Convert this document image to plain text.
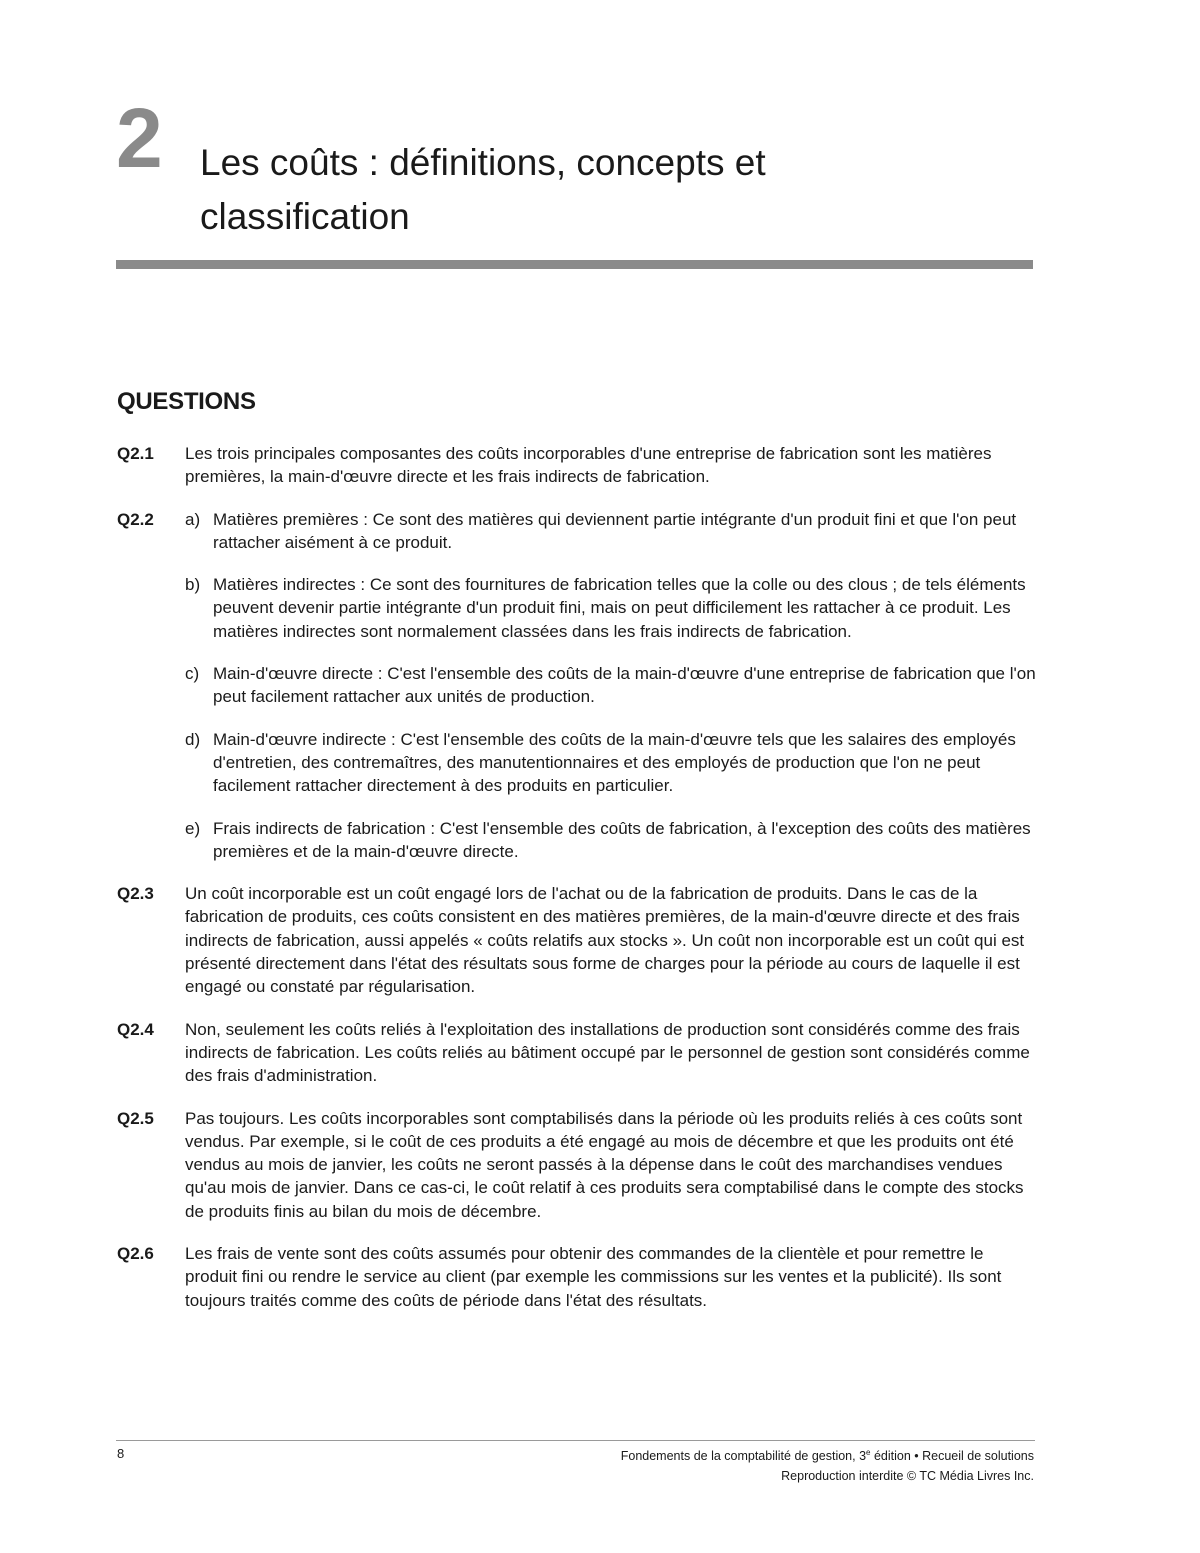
2 Les coûts : définitions, concepts et classification
QUESTIONS
Q2.1 Les trois principales composantes des coûts incorporables d'une entreprise de fabrication sont les matières premières, la main-d'œuvre directe et les frais indirects de fabrication.

Q2.2 a) Matières premières : Ce sont des matières qui deviennent partie intégrante d'un produit fini et que l'on peut rattacher aisément à ce produit.
b) Matières indirectes : Ce sont des fournitures de fabrication telles que la colle ou des clous ; de tels éléments peuvent devenir partie intégrante d'un produit fini, mais on peut difficilement les rattacher à ce produit. Les matières indirectes sont normalement classées dans les frais indirects de fabrication.
c) Main-d'œuvre directe : C'est l'ensemble des coûts de la main-d'œuvre d'une entreprise de fabrication que l'on peut facilement rattacher aux unités de production.
d) Main-d'œuvre indirecte : C'est l'ensemble des coûts de la main-d'œuvre tels que les salaires des employés d'entretien, des contremaîtres, des manutentionnaires et des employés de production que l'on ne peut facilement rattacher directement à des produits en particulier.
e) Frais indirects de fabrication : C'est l'ensemble des coûts de fabrication, à l'exception des coûts des matières premières et de la main-d'œuvre directe.
Q2.3 Un coût incorporable est un coût engagé lors de l'achat ou de la fabrication de produits. Dans le cas de la fabrication de produits, ces coûts consistent en des matières premières, de la main-d'œuvre directe et des frais indirects de fabrication, aussi appelés « coûts relatifs aux stocks ». Un coût non incorporable est un coût qui est présenté directement dans l'état des résultats sous forme de charges pour la période au cours de laquelle il est engagé ou constaté par régularisation.

Q2.4 Non, seulement les coûts reliés à l'exploitation des installations de production sont considérés comme des frais indirects de fabrication. Les coûts reliés au bâtiment occupé par le personnel de gestion sont considérés comme des frais d'administration.

Q2.5 Pas toujours. Les coûts incorporables sont comptabilisés dans la période où les produits reliés à ces coûts sont vendus. Par exemple, si le coût de ces produits a été engagé au mois de décembre et que les produits ont été vendus au mois de janvier, les coûts ne seront passés à la dépense dans le coût des marchandises vendues qu'au mois de janvier. Dans ce cas-ci, le coût relatif à ces produits sera comptabilisé dans le compte des stocks de produits finis au bilan du mois de décembre.

Q2.6 Les frais de vente sont des coûts assumés pour obtenir des commandes de la clientèle et pour remettre le produit fini ou rendre le service au client (par exemple les commissions sur les ventes et la publicité). Ils sont toujours traités comme des coûts de période dans l'état des résultats.

8	Fondements de la comptabilité de gestion, 3e édition • Recueil de solutions
Reproduction interdite © TC Média Livres Inc.
